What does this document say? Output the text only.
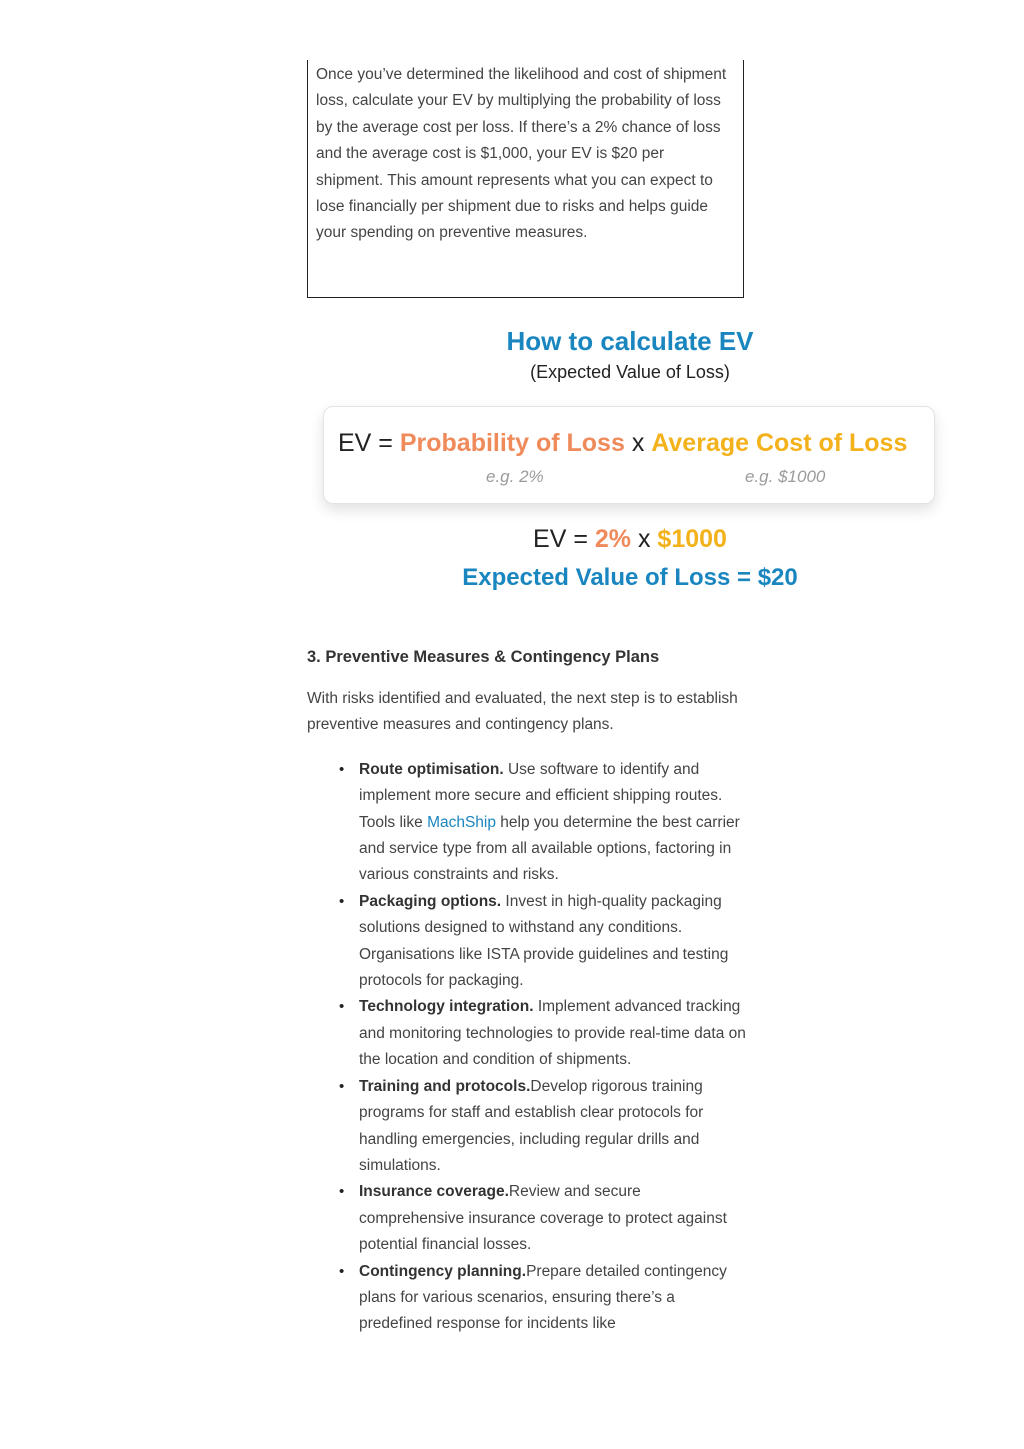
Once you’ve determined the likelihood and cost of shipment loss, calculate your EV by multiplying the probability of loss by the average cost per loss. If there’s a 2% chance of loss and the average cost is $1,000, your EV is $20 per shipment. This amount represents what you can expect to lose financially per shipment due to risks and helps guide your spending on preventive measures.

How to calculate EV
(Expected Value of Loss)
EV = Probability of Loss x Average Cost of Loss
e.g. 2%	e.g. $1000
EV = 2% x $1000
Expected Value of Loss = $20
3. Preventive Measures & Contingency Plans

With risks identified and evaluated, the next step is to establish preventive measures and contingency plans.

• Route optimisation. Use software to identify and implement more secure and efficient shipping routes. Tools like MachShip help you determine the best carrier and service type from all available options, factoring in various constraints and risks.
• Packaging options. Invest in high-quality packaging solutions designed to withstand any conditions. Organisations like ISTA provide guidelines and testing protocols for packaging.
• Technology integration. Implement advanced tracking and monitoring technologies to provide real-time data on the location and condition of shipments.
• Training and protocols.Develop rigorous training programs for staff and establish clear protocols for handling emergencies, including regular drills and simulations.
• Insurance coverage.Review and secure comprehensive insurance coverage to protect against potential financial losses.
• Contingency planning.Prepare detailed contingency plans for various scenarios, ensuring there’s a predefined response for incidents like
